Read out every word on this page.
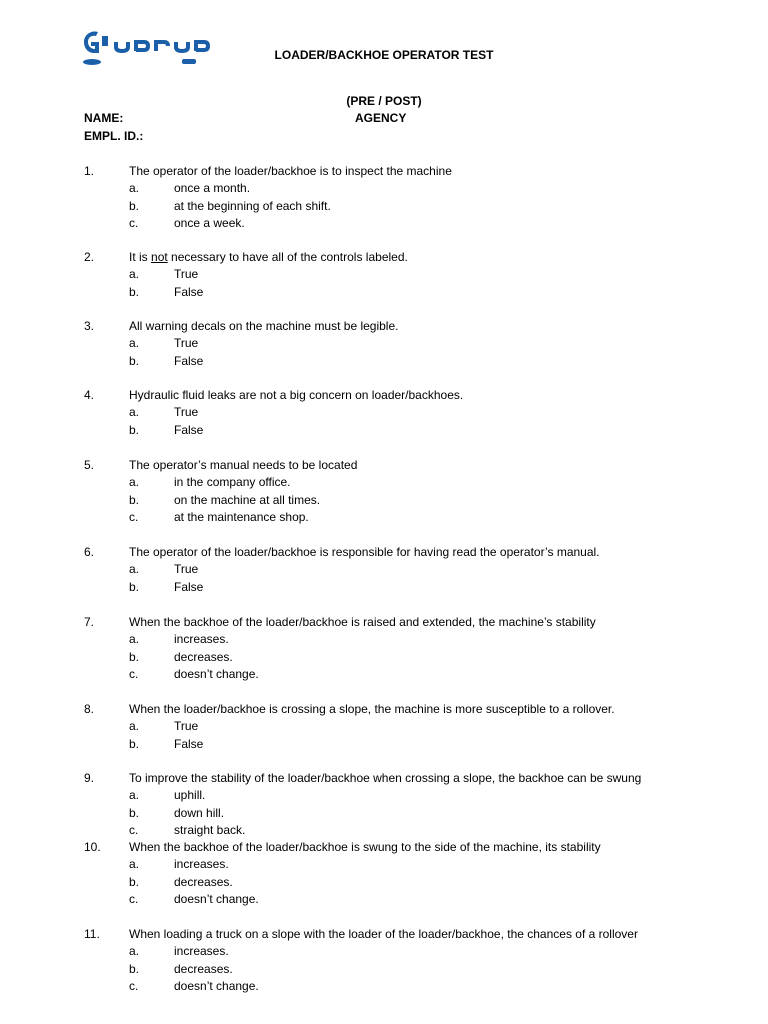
LOADER/BACKHOE OPERATOR TEST
(PRE / POST)
NAME:	AGENCY
EMPL. ID.:
1.	The operator of the loader/backhoe is to inspect the machine
a.	once a month.
b.	at the beginning of each shift.
c.	once a week.
2.	It is not necessary to have all of the controls labeled.
a.	True
b.	False
3.	All warning decals on the machine must be legible.
a.	True
b.	False
4.	Hydraulic fluid leaks are not a big concern on loader/backhoes.
a.	True
b.	False
5.	The operator’s manual needs to be located
a.	in the company office.
b.	on the machine at all times.
c.	at the maintenance shop.
6.	The operator of the loader/backhoe is responsible for having read the operator’s manual.
a.	True
b.	False
7.	When the backhoe of the loader/backhoe is raised and extended, the machine’s stability
a.	increases.
b.	decreases.
c.	doesn’t change.
8.	When the loader/backhoe is crossing a slope, the machine is more susceptible to a rollover.
a.	True
b.	False
9.	To improve the stability of the loader/backhoe when crossing a slope, the backhoe can be swung
a.	uphill.
b.	down hill.
c.	straight back.
10. When the backhoe of the loader/backhoe is swung to the side of the machine, its stability
a.	increases.
b.	decreases.
c.	doesn’t change.
11. When loading a truck on a slope with the loader of the loader/backhoe, the chances of a rollover
a.	increases.
b.	decreases.
c.	doesn’t change.
